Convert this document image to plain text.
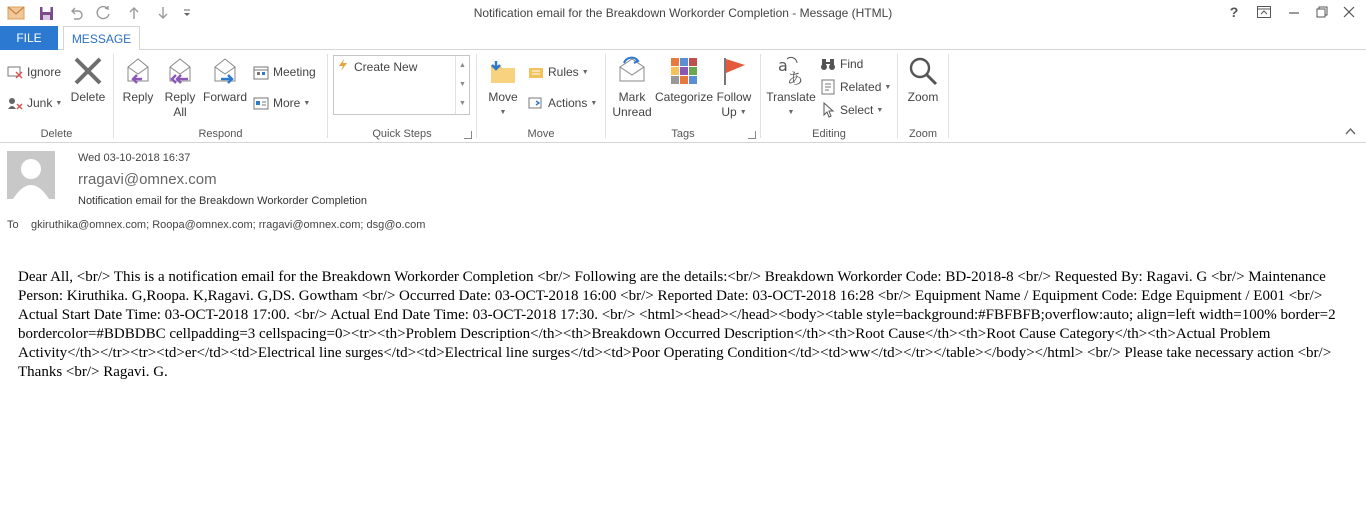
Notification email for the Breakdown Workorder Completion - Message (HTML)	?
FILE	MESSAGE
Ignore
Junk ▼ Delete
Delete
Reply Reply
All
Forward
Meeting
More ▼
Respond
Create New	▲
▼
▼
Quick Steps
Move
▼
Rules ▼
Actions ▼
Move
Mark
Unread
Categorize Follow
Up ▼
Tags
a
あ
Translate
▼
Find
Related ▼
Select ▼
Editing
Zoom
Zoom
Wed 03-10-2018 16:37
rragavi@omnex.com
Notification email for the Breakdown Workorder Completion
To gkiruthika@omnex.com; Roopa@omnex.com; rragavi@omnex.com; dsg@o.com
Dear All, <br/> This is a notification email for the Breakdown Workorder Completion <br/> Following are the details:<br/> Breakdown Workorder Code: BD-2018-8 <br/> Requested By: Ragavi. G <br/> Maintenance Person: Kiruthika. G,Roopa. K,Ragavi. G,DS. Gowtham <br/> Occurred Date: 03-OCT-2018 16:00 <br/> Reported Date: 03-OCT-2018 16:28 <br/> Equipment Name / Equipment Code: Edge Equipment / E001 <br/> Actual Start Date Time: 03-OCT-2018 17:00. <br/> Actual End Date Time: 03-OCT-2018 17:30. <br/> <html><head></head><body><table style=background:#FBFBFB;overflow:auto; align=left width=100% border=2 bordercolor=#BDBDBC cellpadding=3 cellspacing=0><tr><th>Problem Description</th><th>Breakdown Occurred Description</th><th>Root Cause</th><th>Root Cause Category</th><th>Actual Problem Activity</th></tr><tr><td>er</td><td>Electrical line surges</td><td>Electrical line surges</td><td>Poor Operating Condition</td><td>ww</td></tr></table></body></html> <br/> Please take necessary action <br/> Thanks <br/> Ragavi. G.
